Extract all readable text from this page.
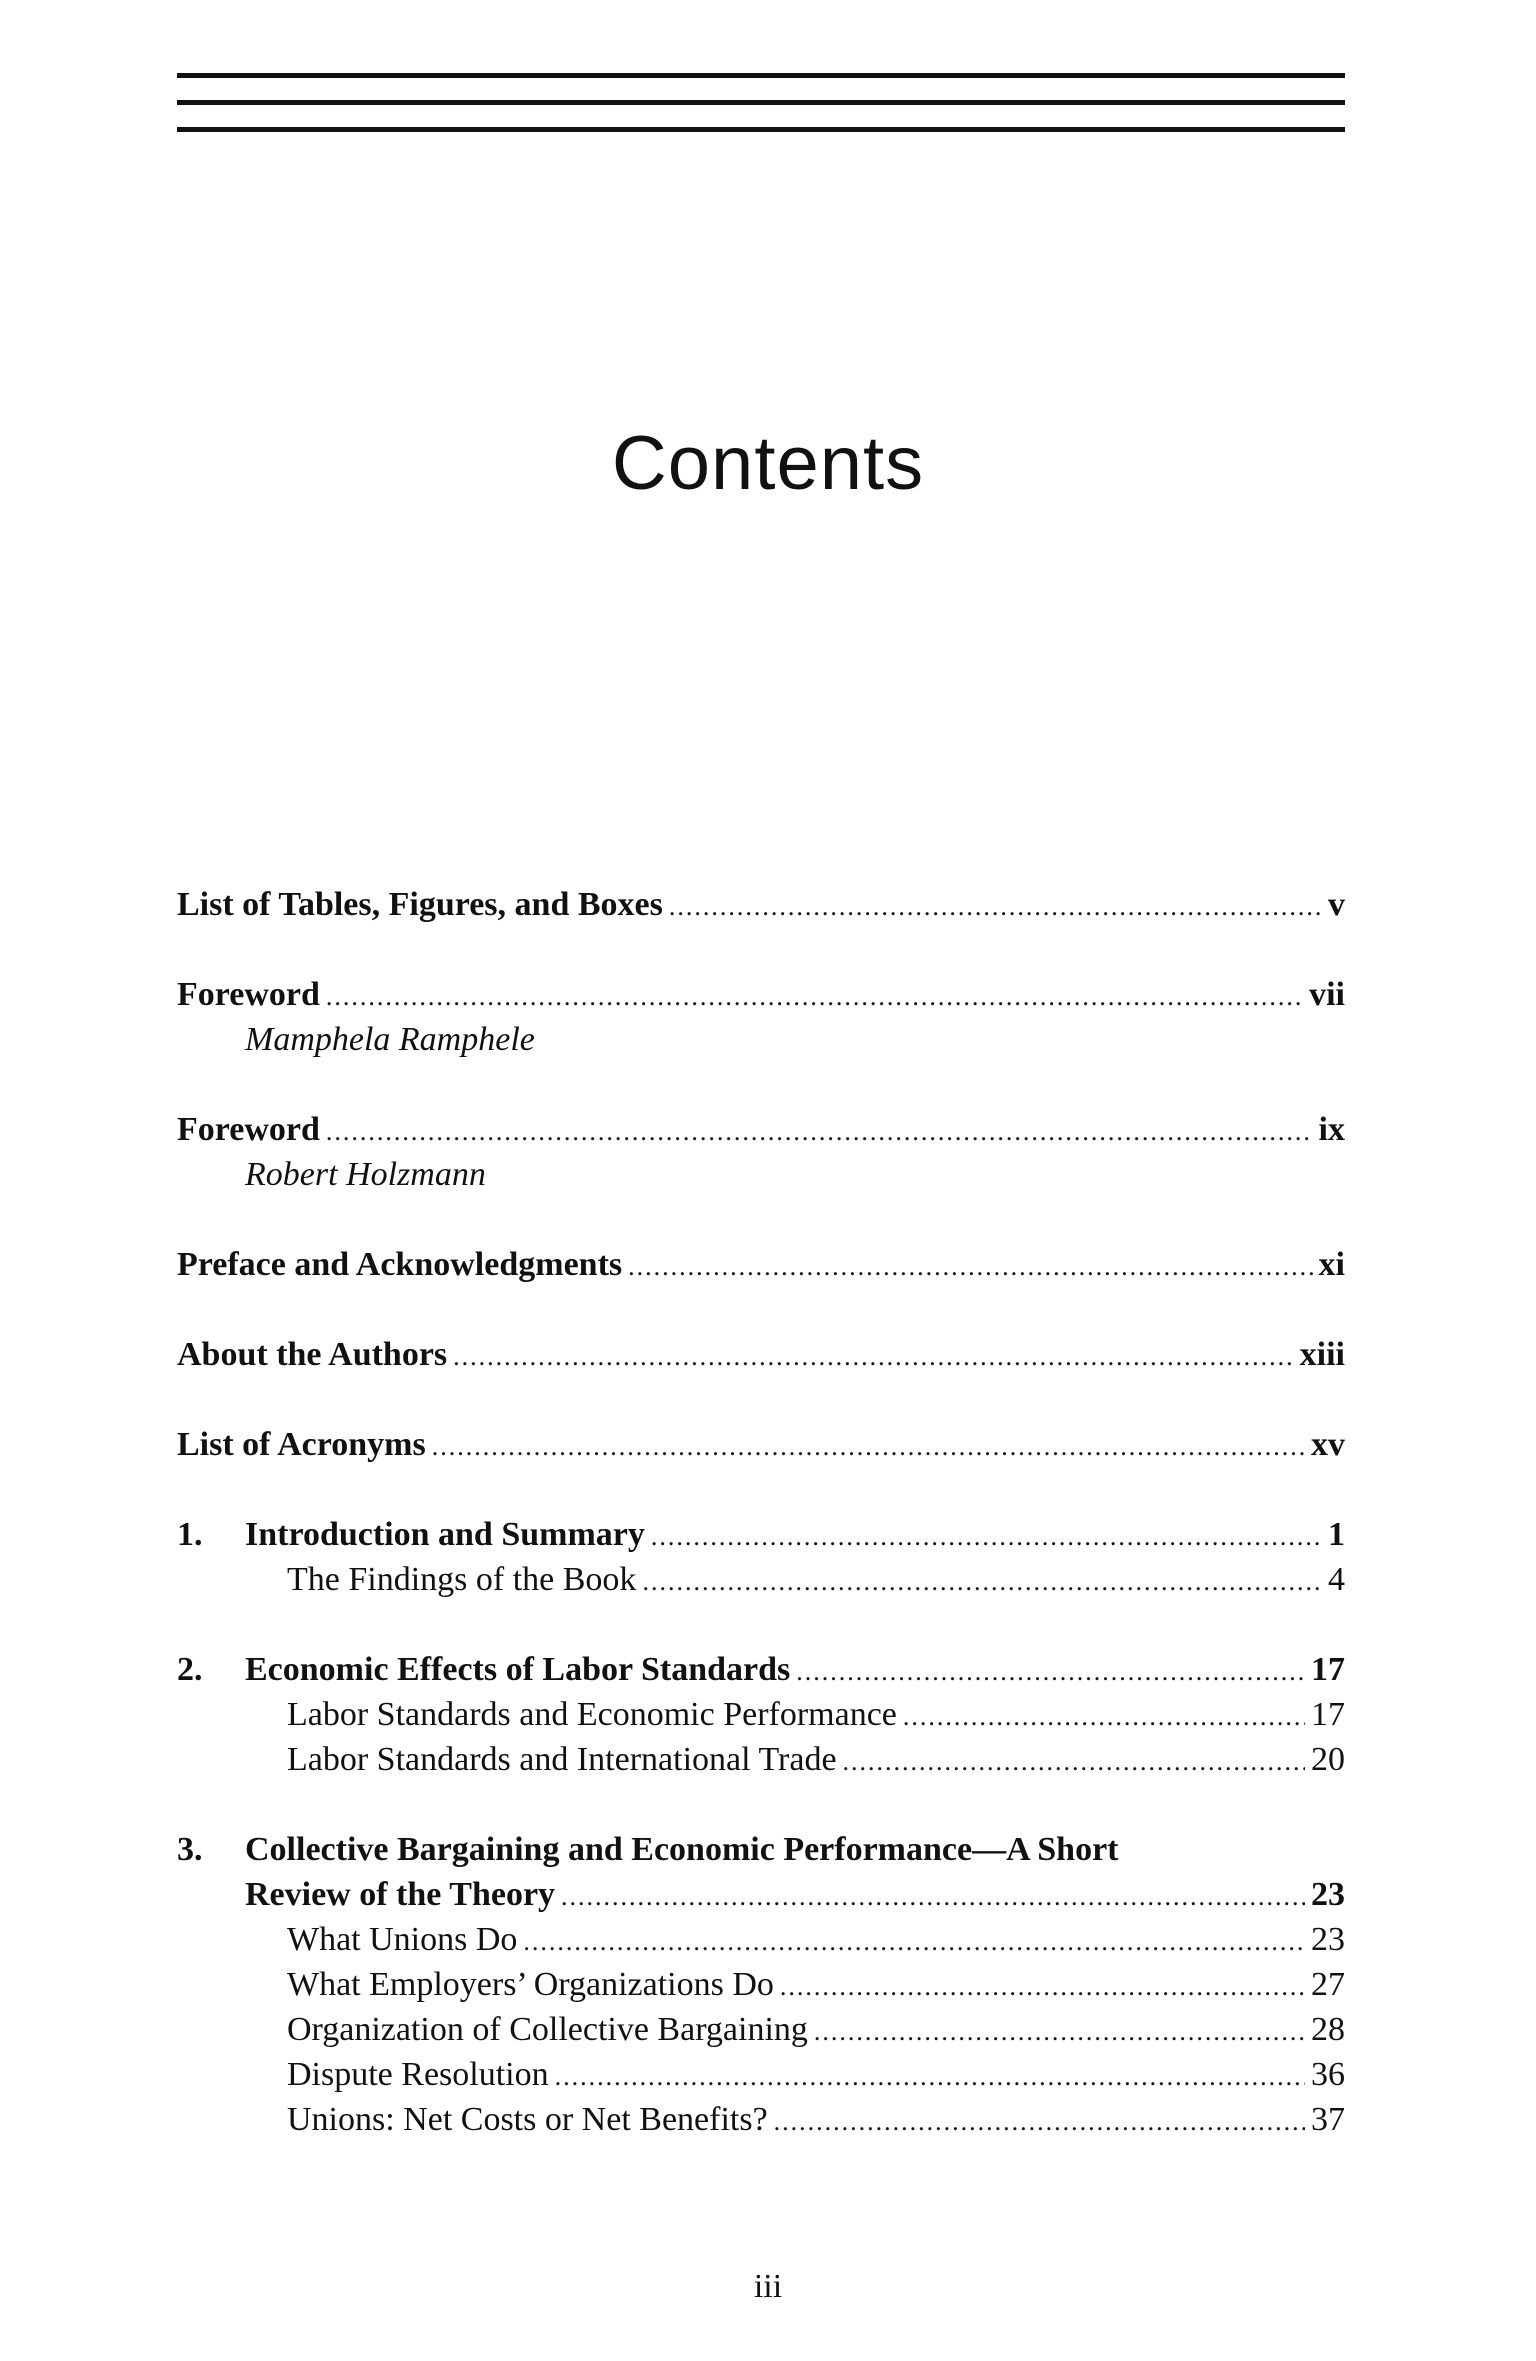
Contents
List of Tables, Figures, and Boxes .....	v
Foreword .....	vii
Mamphela Ramphele
Foreword .....	ix
Robert Holzmann
Preface and Acknowledgments .....	xi
About the Authors .....	xiii
List of Acronyms .....	xv
1.	Introduction and Summary .....	1
The Findings of the Book .....	4
2.	Economic Effects of Labor Standards .....	17
Labor Standards and Economic Performance .....	17
Labor Standards and International Trade .....	20
3.	Collective Bargaining and Economic Performance—A Short
Review of the Theory .....	23
What Unions Do .....	23
What Employers’ Organizations Do .....	27
Organization of Collective Bargaining .....	28
Dispute Resolution .....	36
Unions: Net Costs or Net Benefits? .....	37
iii
